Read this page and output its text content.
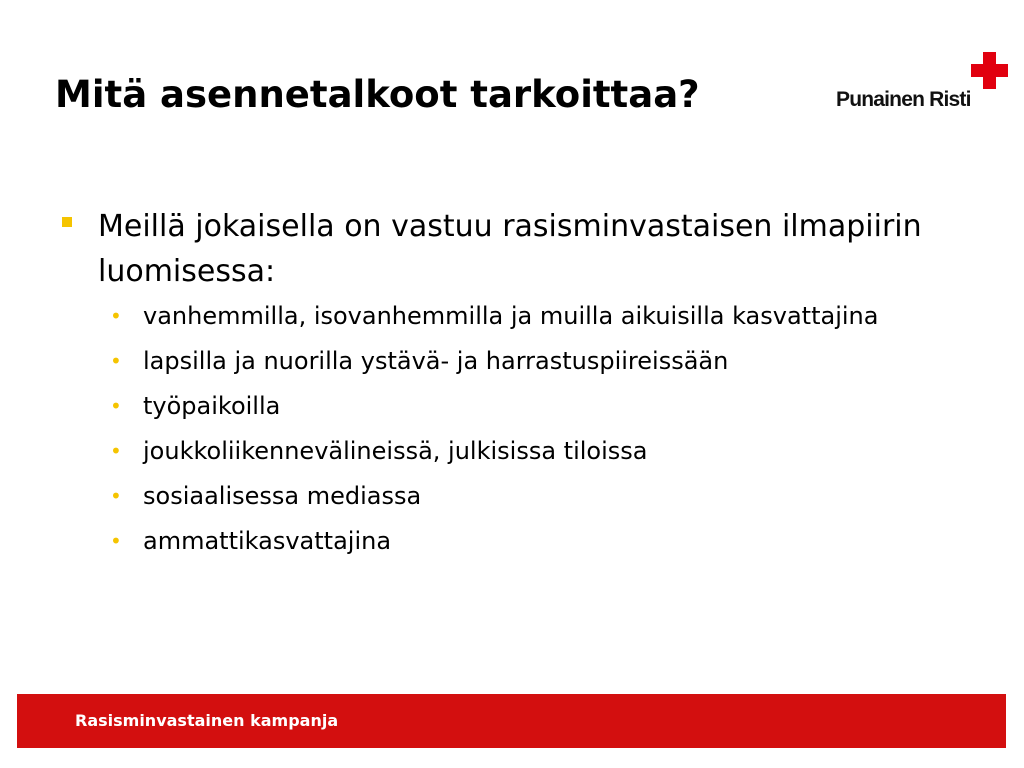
Mitä asennetalkoot tarkoittaa?	Punainen Risti
Meillä jokaisella on vastuu rasisminvastaisen ilmapiirin luomisessa:
• vanhemmilla, isovanhemmilla ja muilla aikuisilla kasvattajina
• lapsilla ja nuorilla ystävä- ja harrastuspiireissään
• työpaikoilla
• joukkoliikennevälineissä, julkisissa tiloissa
• sosiaalisessa mediassa
• ammattikasvattajina
Rasisminvastainen kampanja
